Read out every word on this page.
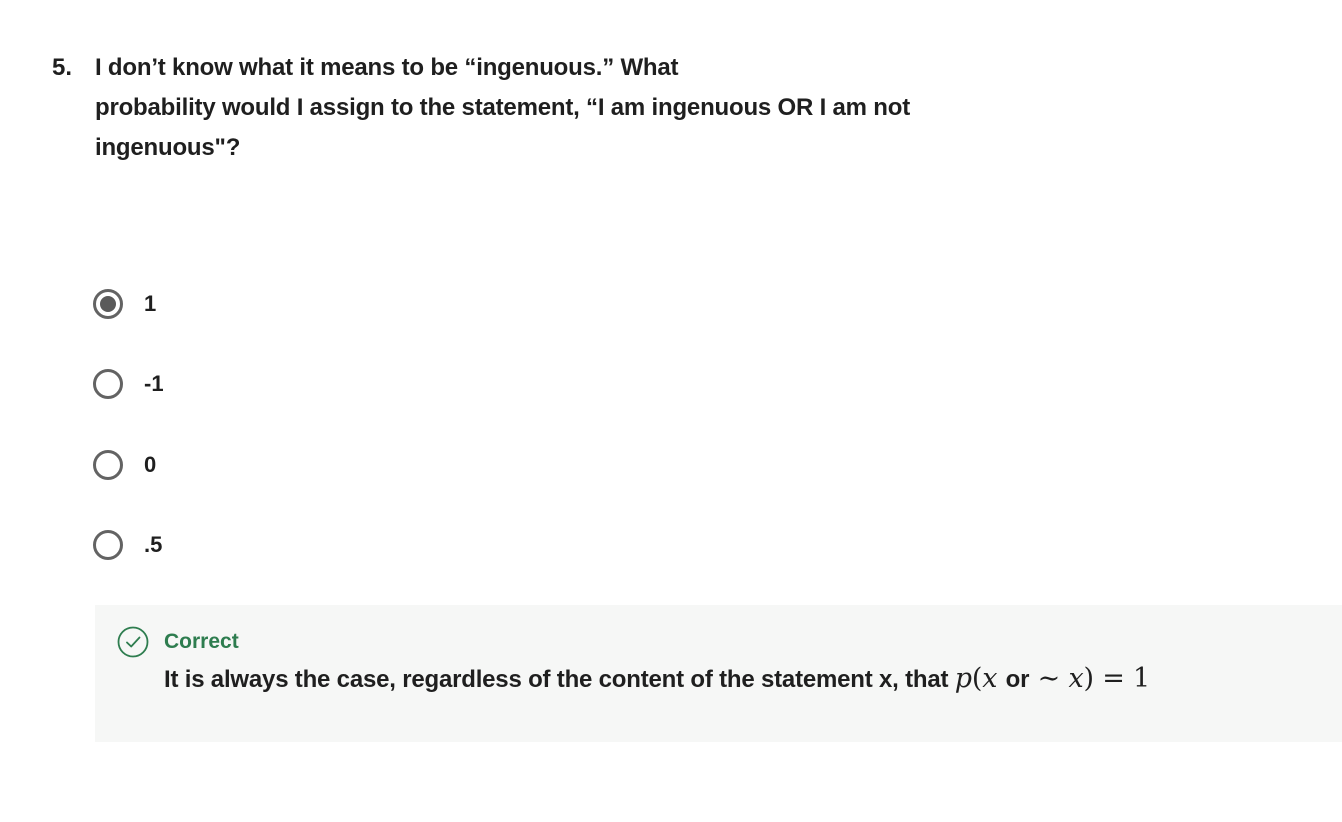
5. I don’t know what it means to be “ingenuous.” What
probability would I assign to the statement, “I am ingenuous OR I am not
ingenuous"?
1
-1
0
.5
Correct
It is always the case, regardless of the content of the statement x, that p(x or ∼ x) = 1
